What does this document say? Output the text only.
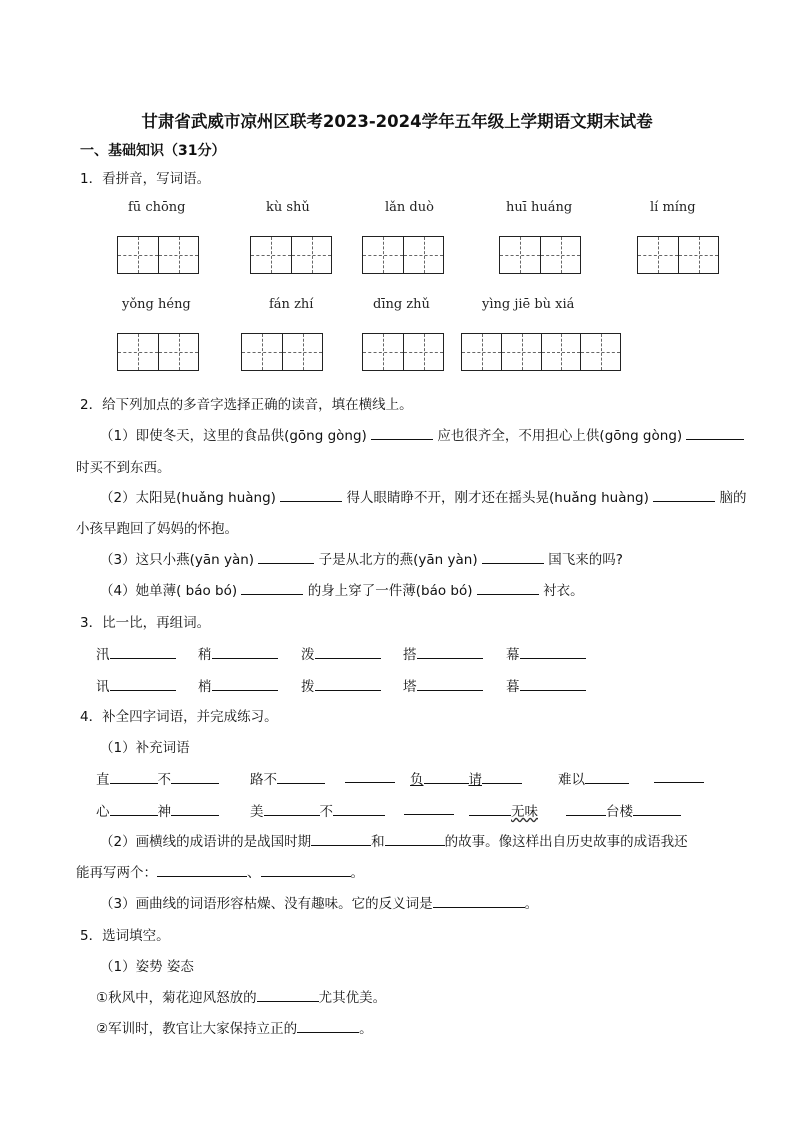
甘肃省武威市凉州区联考2023-2024学年五年级上学期语文期末试卷
一、基础知识（31分）
1．看拼音，写词语。
fū chōng	kù shǔ	lǎn duò	huī huáng	lí míng
yǒng héng	fán zhí	dīng zhǔ	yìng jiē bù xiá
2．给下列加点的多音字选择正确的读音，填在横线上。
（1）即使冬天，这里的食品供(gōng gòng)	应也很齐全，不用担心上供(gōng gòng)
时买不到东西。
（2）太阳晃(huǎng huàng)	得人眼睛睁不开，刚才还在摇头晃(huǎng huàng)	脑的
小孩早跑回了妈妈的怀抱。
（3）这只小燕(yān yàn)	子是从北方的燕(yān yàn)	国飞来的吗?
（4）她单薄( báo bó)	的身上穿了一件薄(báo bó)	衬衣。
3．比一比，再组词。
汛	稍	泼	搭	幕
讯	梢	拨	塔	暮
4．补全四字词语，并完成练习。
（1）补充词语
直	不	路不	负	请	难以
心	神	美	不	无味	台楼
（2）画横线的成语讲的是战国时期	和	的故事。像这样出自历史故事的成语我还
能再写两个：	、	。
（3）画曲线的词语形容枯燥、没有趣味。它的反义词是	。
5．选词填空。
（1）姿势 姿态
①秋风中，菊花迎风怒放的	尤其优美。
②军训时，教官让大家保持立正的	。
